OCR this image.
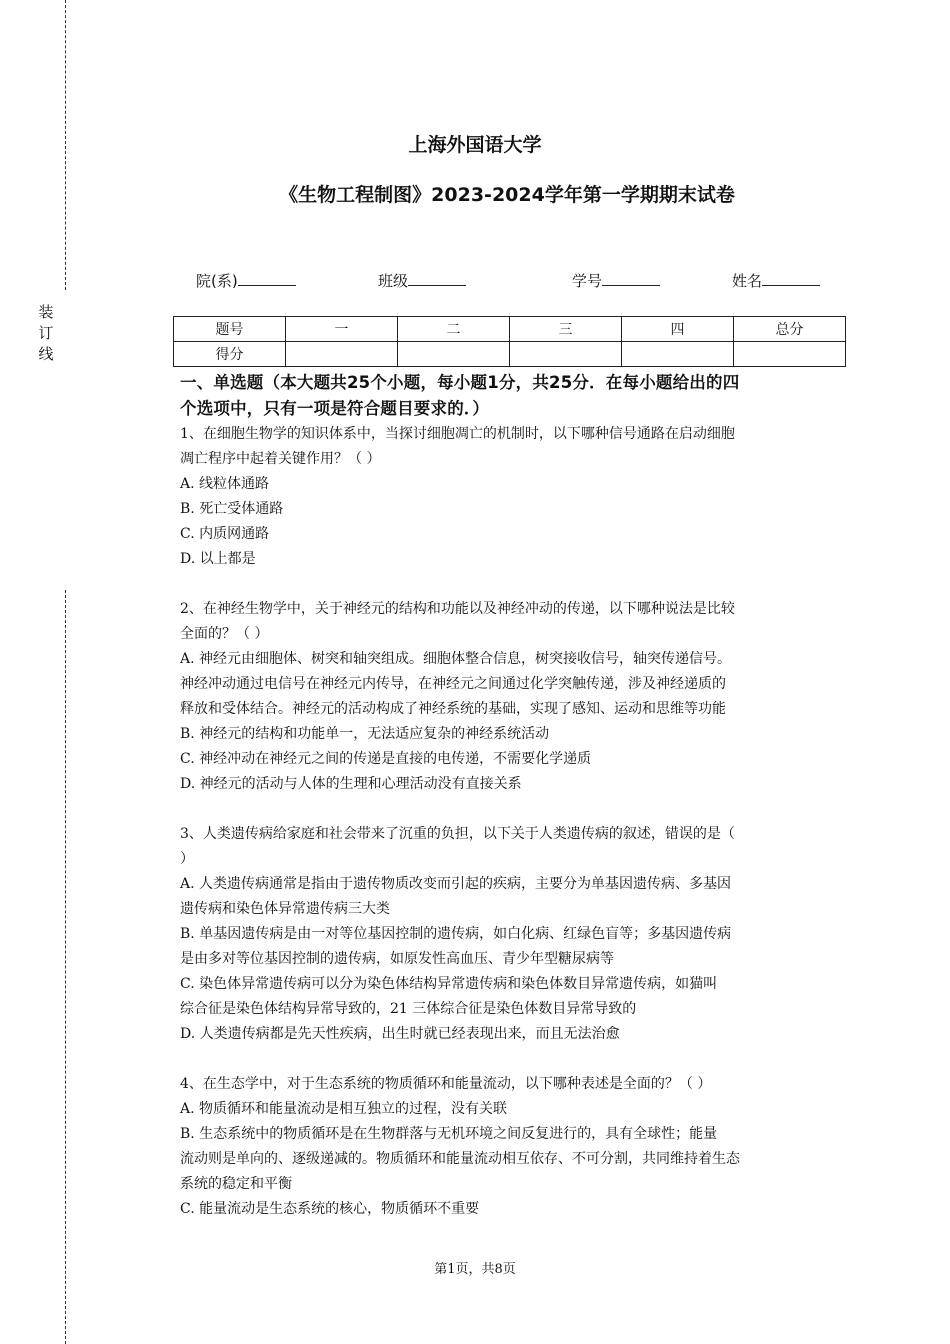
装订线
上海外国语大学
《生物工程制图》2023-2024学年第一学期期末试卷
院(系)	班级	学号	姓名
题号	一	二	三	四	总分
得分					

一、单选题（本大题共25个小题，每小题1分，共25分．在每小题给出的四

个选项中，只有一项是符合题目要求的．）

1、在细胞生物学的知识体系中，当探讨细胞凋亡的机制时，以下哪种信号通路在启动细胞

凋亡程序中起着关键作用？（ ）

A. 线粒体通路

B. 死亡受体通路

C. 内质网通路

D. 以上都是

2、在神经生物学中，关于神经元的结构和功能以及神经冲动的传递，以下哪种说法是比较

全面的？（ ）

A. 神经元由细胞体、树突和轴突组成。细胞体整合信息，树突接收信号，轴突传递信号。

神经冲动通过电信号在神经元内传导，在神经元之间通过化学突触传递，涉及神经递质的

释放和受体结合。神经元的活动构成了神经系统的基础，实现了感知、运动和思维等功能

B. 神经元的结构和功能单一，无法适应复杂的神经系统活动

C. 神经冲动在神经元之间的传递是直接的电传递，不需要化学递质

D. 神经元的活动与人体的生理和心理活动没有直接关系

3、人类遗传病给家庭和社会带来了沉重的负担，以下关于人类遗传病的叙述，错误的是（

）

A. 人类遗传病通常是指由于遗传物质改变而引起的疾病，主要分为单基因遗传病、多基因

遗传病和染色体异常遗传病三大类

B. 单基因遗传病是由一对等位基因控制的遗传病，如白化病、红绿色盲等；多基因遗传病

是由多对等位基因控制的遗传病，如原发性高血压、青少年型糖尿病等

C. 染色体异常遗传病可以分为染色体结构异常遗传病和染色体数目异常遗传病，如猫叫

综合征是染色体结构异常导致的，21 三体综合征是染色体数目异常导致的

D. 人类遗传病都是先天性疾病，出生时就已经表现出来，而且无法治愈

4、在生态学中，对于生态系统的物质循环和能量流动，以下哪种表述是全面的？（ ）

A. 物质循环和能量流动是相互独立的过程，没有关联

B. 生态系统中的物质循环是在生物群落与无机环境之间反复进行的，具有全球性；能量

流动则是单向的、逐级递减的。物质循环和能量流动相互依存、不可分割，共同维持着生态

系统的稳定和平衡

C. 能量流动是生态系统的核心，物质循环不重要

第1页，共8页
